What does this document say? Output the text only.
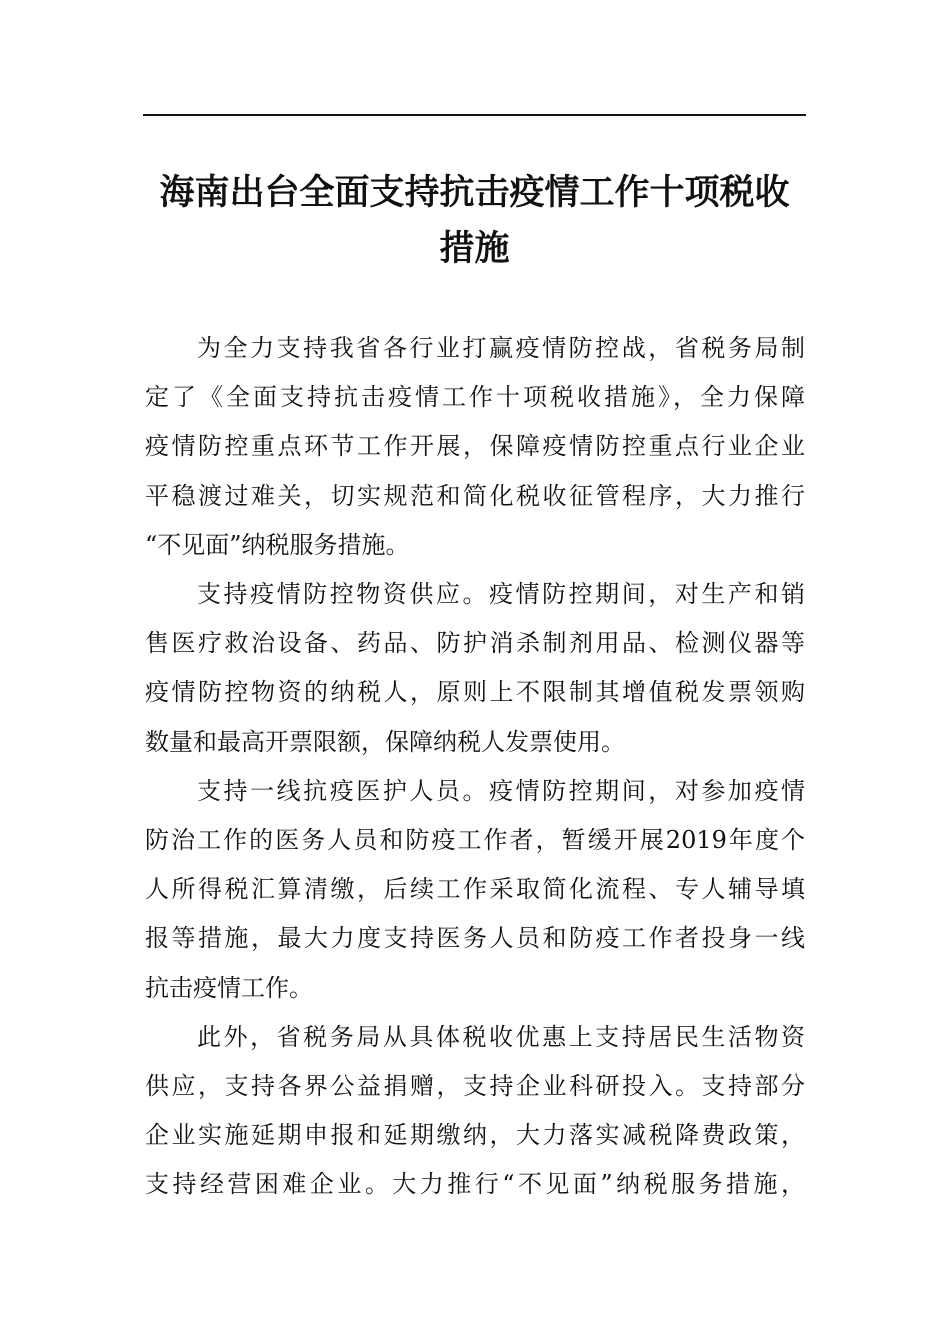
海南出台全面支持抗击疫情工作十项税收
措施

为全力支持我省各行业打赢疫情防控战，省税务局制
定了《全面支持抗击疫情工作十项税收措施》，全力保障
疫情防控重点环节工作开展，保障疫情防控重点行业企业
平稳渡过难关，切实规范和简化税收征管程序，大力推行
“不见面”纳税服务措施。

支持疫情防控物资供应。疫情防控期间，对生产和销
售医疗救治设备、药品、防护消杀制剂用品、检测仪器等
疫情防控物资的纳税人，原则上不限制其增值税发票领购
数量和最高开票限额，保障纳税人发票使用。

支持一线抗疫医护人员。疫情防控期间，对参加疫情
防治工作的医务人员和防疫工作者，暂缓开展2019年度个
人所得税汇算清缴，后续工作采取简化流程、专人辅导填
报等措施，最大力度支持医务人员和防疫工作者投身一线
抗击疫情工作。

此外，省税务局从具体税收优惠上支持居民生活物资
供应，支持各界公益捐赠，支持企业科研投入。支持部分
企业实施延期申报和延期缴纳，大力落实减税降费政策，
支持经营困难企业。大力推行“不见面”纳税服务措施，
